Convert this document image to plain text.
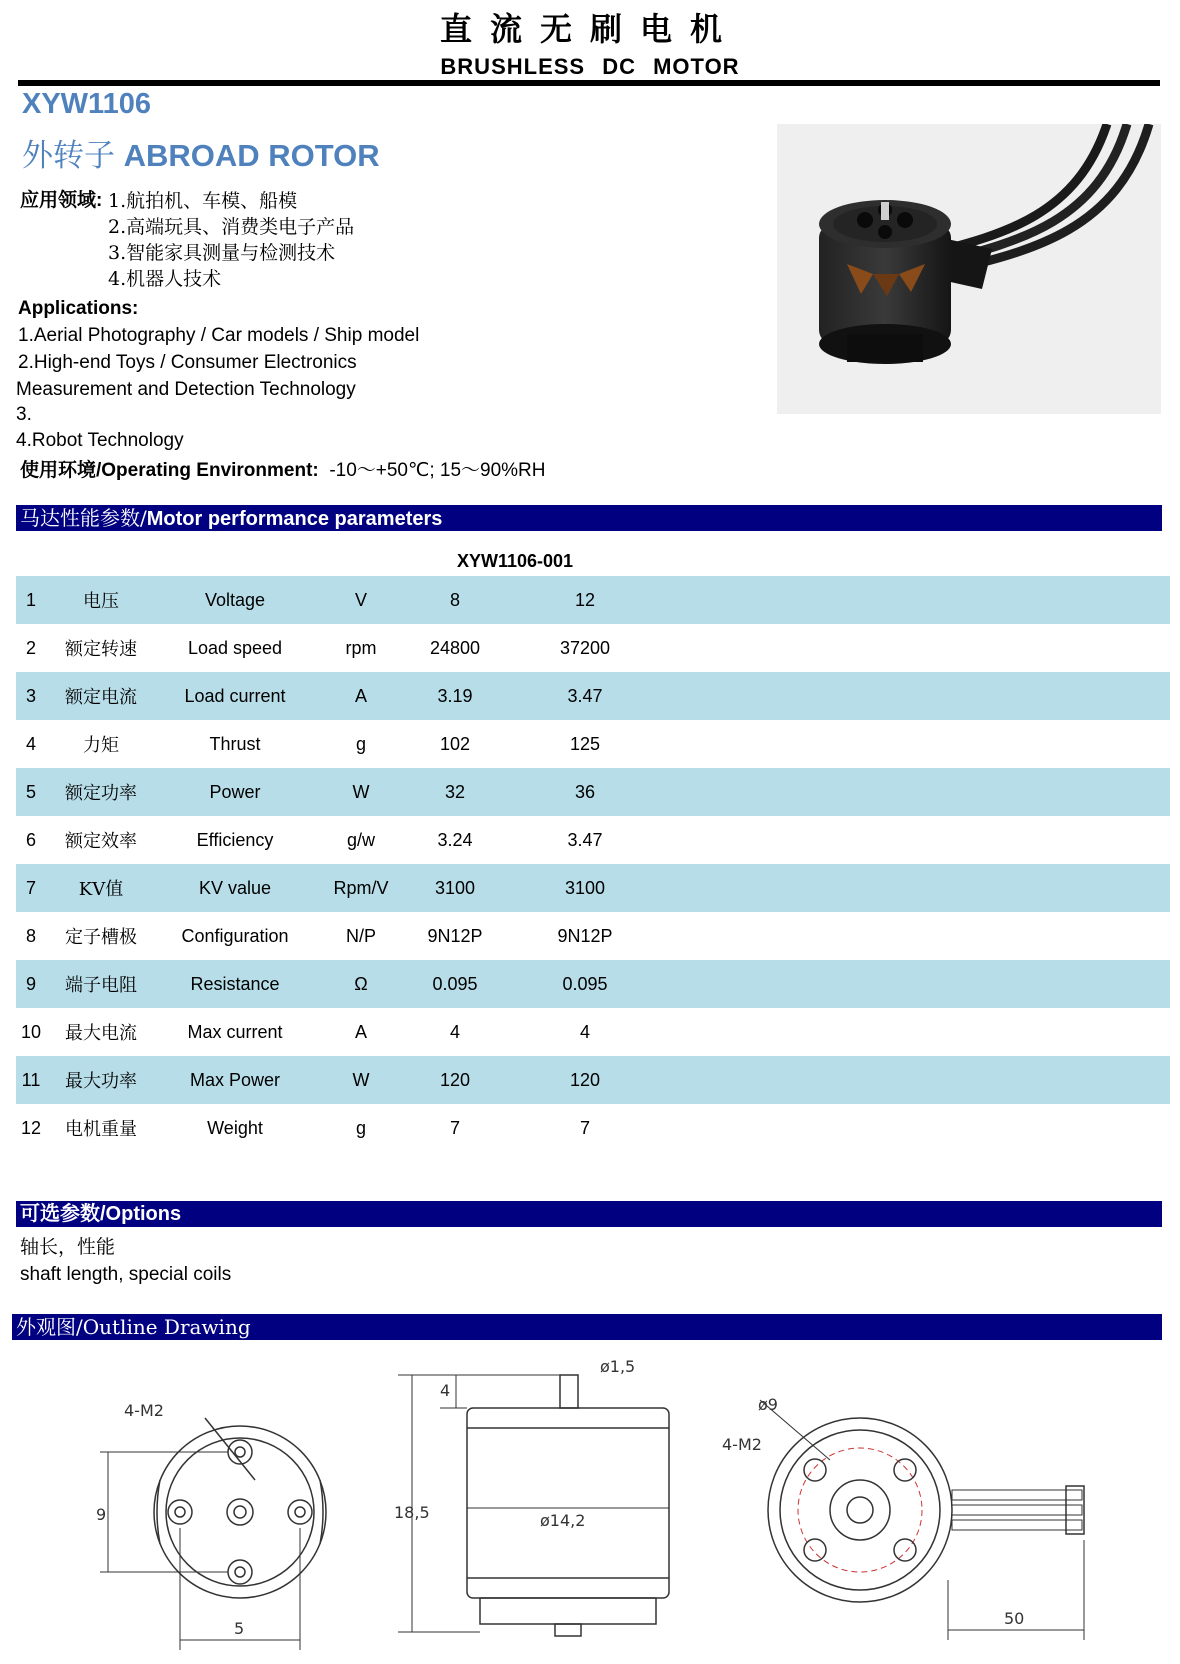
直流无刷电机
BRUSHLESS DC MOTOR
XYW1106
外转子 ABROAD ROTOR
应用领域: 1.航拍机、车模、船模
2.高端玩具、消费类电子产品
3.智能家具测量与检测技术
4.机器人技术
Applications:
1.Aerial Photography / Car models / Ship model
2.High-end Toys / Consumer Electronics
Measurement and Detection Technology
3.
4.Robot Technology
使用环境/Operating Environment: -10～+50℃; 15～90%RH
马达性能参数/Motor performance parameters
XYW1106-001
1	电压	Voltage	V	8	12	
2	额定转速	Load speed	rpm	24800	37200	
3	额定电流	Load current	A	3.19	3.47	
4	力矩	Thrust	g	102	125	
5	额定功率	Power	W	32	36	
6	额定效率	Efficiency	g/w	3.24	3.47	
7	KV值	KV value	Rpm/V	3100	3100	
8	定子槽极	Configuration	N/P	9N12P	9N12P	
9	端子电阻	Resistance	Ω	0.095	0.095	
10	最大电流	Max current	A	4	4	
11	最大功率	Max Power	W	120	120	
12	电机重量	Weight	g	7	7	
可选参数/Options
轴长，性能
shaft length, special coils
外观图/Outline Drawing
4-M2
9
5
ø1,5
4
18,5	ø14,2
ø9
4-M2
50
